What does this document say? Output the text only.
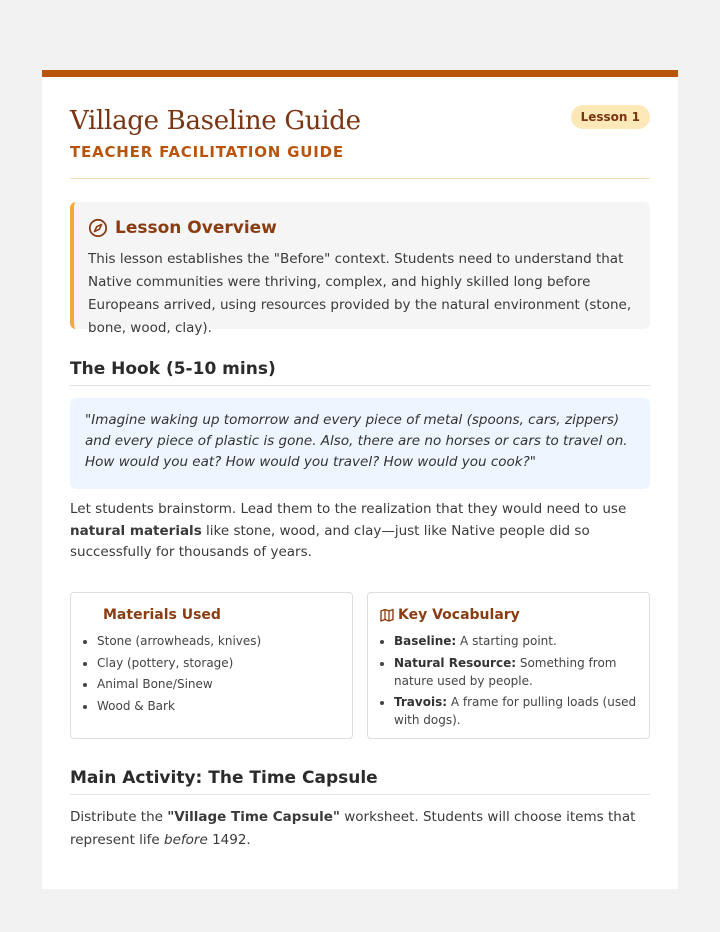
Village Baseline Guide
TEACHER FACILITATION GUIDE
Lesson 1
Lesson Overview
This lesson establishes the "Before" context. Students need to understand that Native communities were thriving, complex, and highly skilled long before Europeans arrived, using resources provided by the natural environment (stone, bone, wood, clay).
The Hook (5-10 mins)
"Imagine waking up tomorrow and every piece of metal (spoons, cars, zippers) and every piece of plastic is gone. Also, there are no horses or cars to travel on. How would you eat? How would you travel? How would you cook?"
Let students brainstorm. Lead them to the realization that they would need to use natural materials like stone, wood, and clay—just like Native people did so successfully for thousands of years.
Materials Used
• Stone (arrowheads, knives)
• Clay (pottery, storage)
• Animal Bone/Sinew
• Wood & Bark
Key Vocabulary
• Baseline: A starting point.
• Natural Resource: Something from nature used by people.
• Travois: A frame for pulling loads (used with dogs).
Main Activity: The Time Capsule
Distribute the "Village Time Capsule" worksheet. Students will choose items that represent life before 1492.
